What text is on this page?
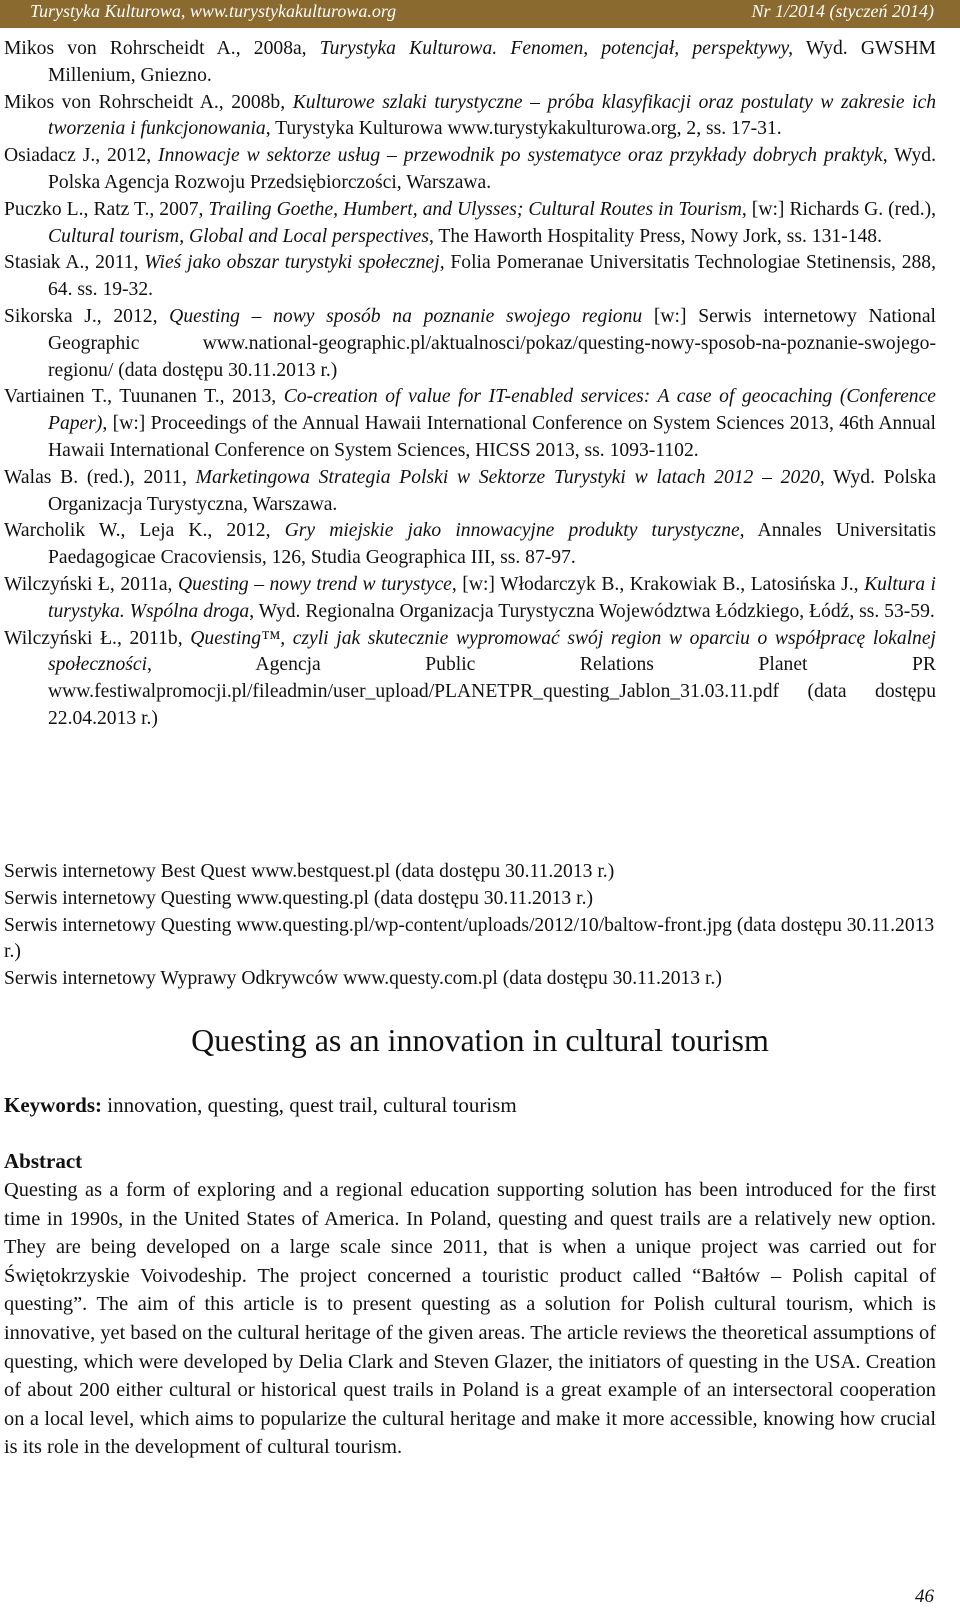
Turystyka Kulturowa, www.turystykakulturowa.org	Nr 1/2014 (styczeń 2014)
Mikos von Rohrscheidt A., 2008a, Turystyka Kulturowa. Fenomen, potencjał, perspektywy, Wyd. GWSHM Millenium, Gniezno.
Mikos von Rohrscheidt A., 2008b, Kulturowe szlaki turystyczne – próba klasyfikacji oraz postulaty w zakresie ich tworzenia i funkcjonowania, Turystyka Kulturowa www.turystykakulturowa.org, 2, ss. 17-31.
Osiadacz J., 2012, Innowacje w sektorze usług – przewodnik po systematyce oraz przykłady dobrych praktyk, Wyd. Polska Agencja Rozwoju Przedsiębiorczości, Warszawa.
Puczko L., Ratz T., 2007, Trailing Goethe, Humbert, and Ulysses; Cultural Routes in Tourism, [w:] Richards G. (red.), Cultural tourism, Global and Local perspectives, The Haworth Hospitality Press, Nowy Jork, ss. 131-148.
Stasiak A., 2011, Wieś jako obszar turystyki społecznej, Folia Pomeranae Universitatis Technologiae Stetinensis, 288, 64. ss. 19-32.
Sikorska J., 2012, Questing – nowy sposób na poznanie swojego regionu [w:] Serwis internetowy National Geographic www.national-geographic.pl/aktualnosci/pokaz/questing-nowy-sposob-na-poznanie-swojego-regionu/ (data dostępu 30.11.2013 r.)
Vartiainen T., Tuunanen T., 2013, Co-creation of value for IT-enabled services: A case of geocaching (Conference Paper), [w:] Proceedings of the Annual Hawaii International Conference on System Sciences 2013, 46th Annual Hawaii International Conference on System Sciences, HICSS 2013, ss. 1093-1102.
Walas B. (red.), 2011, Marketingowa Strategia Polski w Sektorze Turystyki w latach 2012 – 2020, Wyd. Polska Organizacja Turystyczna, Warszawa.
Warcholik W., Leja K., 2012, Gry miejskie jako innowacyjne produkty turystyczne, Annales Universitatis Paedagogicae Cracoviensis, 126, Studia Geographica III, ss. 87-97.
Wilczyński Ł, 2011a, Questing – nowy trend w turystyce, [w:] Włodarczyk B., Krakowiak B., Latosińska J., Kultura i turystyka. Wspólna droga, Wyd. Regionalna Organizacja Turystyczna Województwa Łódzkiego, Łódź, ss. 53-59.
Wilczyński Ł., 2011b, Questing™, czyli jak skutecznie wypromować swój region w oparciu o współpracę lokalnej społeczności, Agencja Public Relations Planet PR www.festiwalpromocji.pl/fileadmin/user_upload/PLANETPR_questing_Jablon_31.03.11.pdf (data dostępu 22.04.2013 r.)
Serwis internetowy Best Quest www.bestquest.pl (data dostępu 30.11.2013 r.)
Serwis internetowy Questing www.questing.pl (data dostępu 30.11.2013 r.)
Serwis internetowy Questing www.questing.pl/wp-content/uploads/2012/10/baltow-front.jpg (data dostępu 30.11.2013 r.)
Serwis internetowy Wyprawy Odkrywców www.questy.com.pl (data dostępu 30.11.2013 r.)
Questing as an innovation in cultural tourism
Keywords: innovation, questing, quest trail, cultural tourism
Abstract
Questing as a form of exploring and a regional education supporting solution has been introduced for the first time in 1990s, in the United States of America. In Poland, questing and quest trails are a relatively new option. They are being developed on a large scale since 2011, that is when a unique project was carried out for Świętokrzyskie Voivodeship. The project concerned a touristic product called “Bałtów – Polish capital of questing”. The aim of this article is to present questing as a solution for Polish cultural tourism, which is innovative, yet based on the cultural heritage of the given areas. The article reviews the theoretical assumptions of questing, which were developed by Delia Clark and Steven Glazer, the initiators of questing in the USA. Creation of about 200 either cultural or historical quest trails in Poland is a great example of an intersectoral cooperation on a local level, which aims to popularize the cultural heritage and make it more accessible, knowing how crucial is its role in the development of cultural tourism.
46
